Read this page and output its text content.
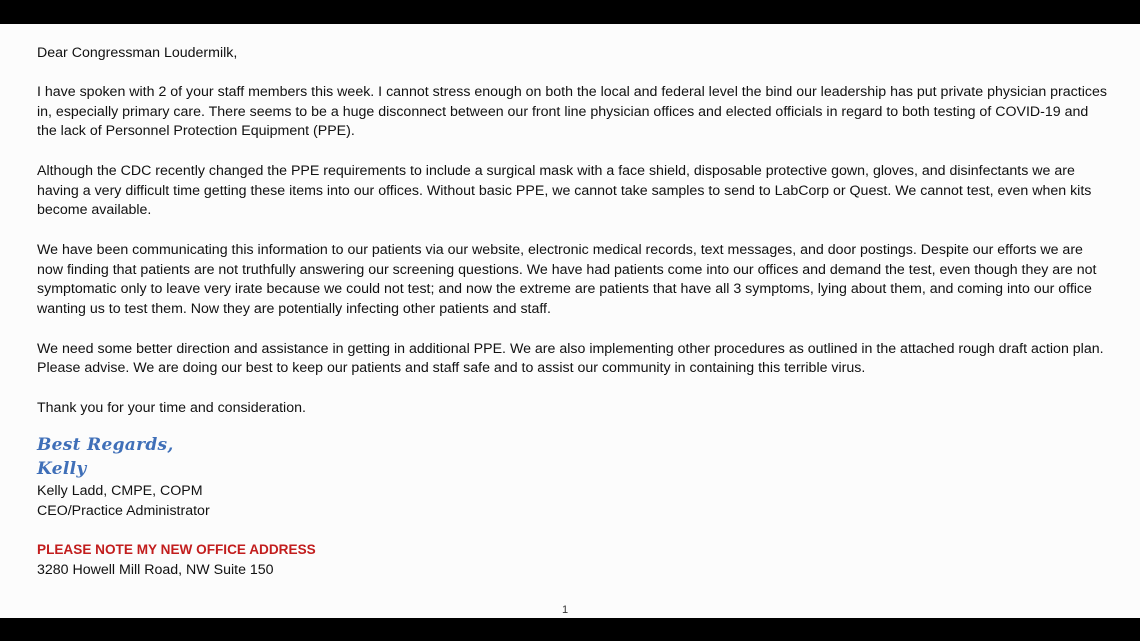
Dear Congressman Loudermilk,

I have spoken with 2 of your staff members this week. I cannot stress enough on both the local and federal level the bind our leadership has put private physician practices in, especially primary care. There seems to be a huge disconnect between our front line physician offices and elected officials in regard to both testing of COVID-19 and the lack of Personnel Protection Equipment (PPE).

Although the CDC recently changed the PPE requirements to include a surgical mask with a face shield, disposable protective gown, gloves, and disinfectants we are having a very difficult time getting these items into our offices. Without basic PPE, we cannot take samples to send to LabCorp or Quest. We cannot test, even when kits become available.

We have been communicating this information to our patients via our website, electronic medical records, text messages, and door postings. Despite our efforts we are now finding that patients are not truthfully answering our screening questions. We have had patients come into our offices and demand the test, even though they are not symptomatic only to leave very irate because we could not test; and now the extreme are patients that have all 3 symptoms, lying about them, and coming into our office wanting us to test them. Now they are potentially infecting other patients and staff.

We need some better direction and assistance in getting in additional PPE. We are also implementing other procedures as outlined in the attached rough draft action plan. Please advise. We are doing our best to keep our patients and staff safe and to assist our community in containing this terrible virus.

Thank you for your time and consideration.

Best Regards,

Kelly

Kelly Ladd, CMPE, COPM

CEO/Practice Administrator

PLEASE NOTE MY NEW OFFICE ADDRESS

3280 Howell Mill Road, NW Suite 150

1
